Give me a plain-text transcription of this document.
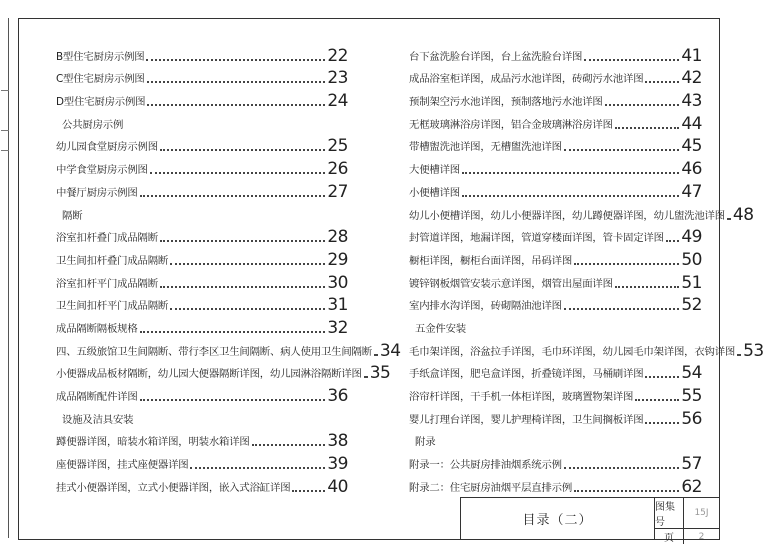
B型住宅厨房示例图	22
C型住宅厨房示例图	23
D型住宅厨房示例图	24
公共厨房示例
幼儿园食堂厨房示例图	25
中学食堂厨房示例图	26
中餐厅厨房示例图	27
隔断
浴室扣杆叠门成品隔断	28
卫生间扣杆叠门成品隔断	29
浴室扣杆平门成品隔断	30
卫生间扣杆平门成品隔断	31
成品隔断隔板规格	32
四、五级旅馆卫生间隔断、带行李区卫生间隔断、病人使用卫生间隔断 34
小便器成品板材隔断，幼儿园大便器隔断详图，幼儿园淋浴隔断详图 35
成品隔断配件详图	36
设施及洁具安装
蹲便器详图，暗装水箱详图，明装水箱详图	38
座便器详图，挂式座便器详图	39
挂式小便器详图，立式小便器详图，嵌入式浴缸详图 40
台下盆洗脸台详图，台上盆洗脸台详图	41
成品浴室柜详图，成品污水池详图，砖砌污水池详图 42
预制架空污水池详图，预制落地污水池详图	43
无框玻璃淋浴房详图，铝合金玻璃淋浴房详图	44
带槽盥洗池详图，无槽盥洗池详图	45
大便槽详图	46
小便槽详图	47
幼儿小便槽详图，幼儿小便器详图，幼儿蹲便器详图，幼儿盥洗池详图 48
封管道详图，地漏详图，管道穿楼面详图，管卡固定详图 49
橱柜详图，橱柜台面详图，吊码详图	50
镀锌钢板烟管安装示意详图，烟管出屋面详图	51
室内排水沟详图，砖砌隔油池详图	52
五金件安装
毛巾架详图，浴盆拉手详图，毛巾环详图，幼儿园毛巾架详图，衣钩详图 53
手纸盒详图，肥皂盒详图，折叠镜详图，马桶刷详图 54
浴帘杆详图，干手机一体柜详图，玻璃置物架详图	55
婴儿打理台详图，婴儿护理椅详图，卫生间搁板详图 56
附录
附录一：公共厨房排油烟系统示例	57
附录二：住宅厨房油烟平层直排示例	62
目录（二）
图集号
15J
页	2
